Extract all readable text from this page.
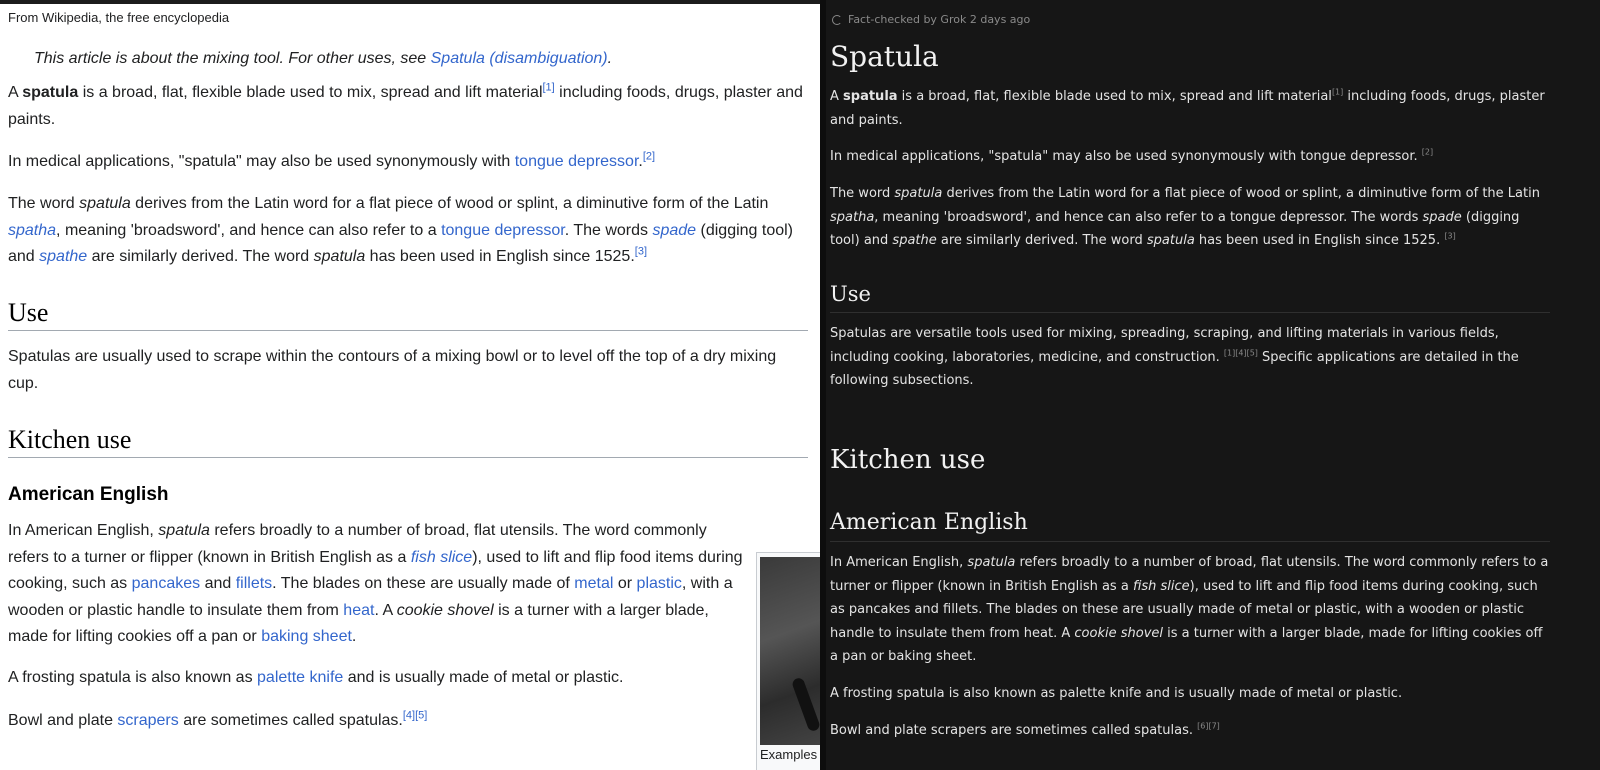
From Wikipedia, the free encyclopedia
This article is about the mixing tool. For other uses, see Spatula (disambiguation).

A spatula is a broad, flat, flexible blade used to mix, spread and lift material[1] including foods, drugs, plaster and paints.

In medical applications, "spatula" may also be used synonymously with tongue depressor.[2]

The word spatula derives from the Latin word for a flat piece of wood or splint, a diminutive form of the Latin spatha, meaning 'broadsword', and hence can also refer to a tongue depressor. The words spade (digging tool) and spathe are similarly derived. The word spatula has been used in English since 1525.[3]

Use

Spatulas are usually used to scrape within the contours of a mixing bowl or to level off the top of a dry mixing cup.

Kitchen use
American English

In American English, spatula refers broadly to a number of broad, flat utensils. The word commonly refers to a turner or flipper (known in British English as a fish slice), used to lift and flip food items during cooking, such as pancakes and fillets. The blades on these are usually made of metal or plastic, with a wooden or plastic handle to insulate them from heat. A cookie shovel is a turner with a larger blade, made for lifting cookies off a pan or baking sheet.

A frosting spatula is also known as palette knife and is usually made of metal or plastic.

Bowl and plate scrapers are sometimes called spatulas.[4][5]

Examples
Fact-checked by Grok 2 days ago
Spatula

A spatula is a broad, flat, flexible blade used to mix, spread and lift material[1] including foods, drugs, plaster and paints.

In medical applications, "spatula" may also be used synonymously with tongue depressor. [2]

The word spatula derives from the Latin word for a flat piece of wood or splint, a diminutive form of the Latin spatha, meaning 'broadsword', and hence can also refer to a tongue depressor. The words spade (digging tool) and spathe are similarly derived. The word spatula has been used in English since 1525. [3]

Use

Spatulas are versatile tools used for mixing, spreading, scraping, and lifting materials in various fields, including cooking, laboratories, medicine, and construction. [1][4][5] Specific applications are detailed in the following subsections.

Kitchen use
American English

In American English, spatula refers broadly to a number of broad, flat utensils. The word commonly refers to a turner or flipper (known in British English as a fish slice), used to lift and flip food items during cooking, such as pancakes and fillets. The blades on these are usually made of metal or plastic, with a wooden or plastic handle to insulate them from heat. A cookie shovel is a turner with a larger blade, made for lifting cookies off a pan or baking sheet.

A frosting spatula is also known as palette knife and is usually made of metal or plastic.

Bowl and plate scrapers are sometimes called spatulas. [6][7]
